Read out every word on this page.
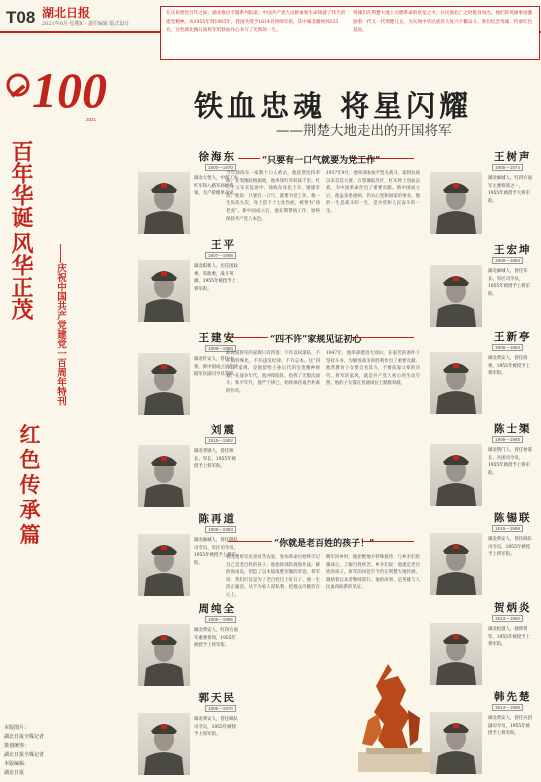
T08 湖北日报
2021年6月·星期X · 责任编辑 版式设计
在庆祝建党百年之际，湖北推出专题系列报道。中国共产党人以鲜血和生命铸就了伟大的建党精神。从1955年到1965年，我国共授予1614名将帅军衔，其中湖北籍将帅233名。这些湖北籍开国将军用铁血丹心书写了光辉的一生。
英雄们在荆楚大地上点燃革命的星星之火，在民族危亡之时挺身而出。他们的英雄事迹激励着一代又一代荆楚儿女，为实现中华民族伟大复兴不懈奋斗。我们纪念英雄，传承红色基因。
100
1921	2021
百年华诞
风华正茂	——庆祝中国共产党建党一百周年特刊
红色传承篇
铁血忠魂 将星闪耀
——荆楚大地走出的开国将军
徐海东
1900—1970
湖北大悟人，中国工农红军和八路军高级将领，无产阶级革命家。
王平
1907—1998
湖北阳新人，历任团政委、军政委，战斗英雄，1955年被授予上将军衔。
王建安
1908—1980
湖北红安人，曾任中将，新中国成立后任沈阳军区副司令员等职。
刘震
1915—1992
湖北孝感人，曾任师长、军长，1955年被授予上将军衔。
陈再道
1909—1993
湖北麻城人，曾任纵队司令员、军区司令员，1955年被授予上将军衔。
周纯全
1905—1985
湖北黄安人，红四方面军重要将领，1955年被授予上将军衔。
郭天民
1905—1970
湖北黄安人，曾任纵队司令员，1955年被授予上将军衔。
王树声
1905—1974
湖北麻城人，红四方面军主要将领之一，1955年被授予大将军衔。
王宏坤
1909—1993
湖北麻城人，曾任军长、军区司令员，1955年被授予上将军衔。
王新亭
1908—1984
湖北黄安人，曾任政委，1955年被授予上将军衔。
陈士榘
1909—1995
湖北荆门人，曾任参谋长、兵团司令员，1955年被授予上将军衔。
陈锡联
1915—1999
湖北黄安人，曾任纵队司令员，1955年被授予上将军衔。
贺炳炎
1913—1960
湖北松滋人，独臂将军，1955年被授予上将军衔。
韩先楚
1913—1986
湖北黄安人，曾任兵团副司令员，1955年被授予上将军衔。
“只要有一口气就要为党工作”
当年徐海东一家数十口人被杀，他依然坚持革命。在鄂豫皖根据地，他率领红军转战千里。红二十五军长征途中，徐海东身先士卒，屡建奇功。他说：只要有一口气，就要为党工作。他一生负伤九次，身上留下十七处伤疤，被誉为“徐老虎”。新中国成立后，他长期带病工作，始终保持共产党人本色。
1937年9月，他率部参加平型关战斗，取得抗战以来首次大捷。在鄂豫皖苏区，红军将士浴血奋战，为中国革命作出了重要贡献。新中国成立后，他虽身患重病，仍关心党和国家的事业。他的一生是战斗的一生，是为党和人民奋斗的一生。
“四不许”家规见证初心
陈再道将军的家规只有四条：不许以权谋私、不许搞特殊化、不许违反纪律、不许忘本。这“四不许”家规，是他留给子孙后代的宝贵精神财富。在战争年代，他冲锋陷阵，指挥了无数次战斗；和平年代，他严于律己，始终保持艰苦朴素的作风。
1947年，他率部挺进大别山，在艰苦的条件下坚持斗争，为解放战争的胜利作出了重要贡献。他常教育子女要自食其力，不要依靠父辈的功劳。将军的家风，就是共产党人初心的生动写照。他的子女都在普通岗位上默默奉献。
“你就是老百姓的孩子！”
韩先楚将军出身贫苦农家，参加革命后始终牢记自己是老百姓的孩子。他指挥部队渡海作战，解放海南岛，创造了以木船战胜军舰的奇迹。将军说：我们打仗是为了老百姓过上好日子。他一生清正廉洁，从不为家人谋私利，把群众冷暖挂在心上。
晚年回乡时，他拒绝地方特殊接待，与乡亲们促膝谈心，了解百姓疾苦。乡亲们说：他就是老百姓的孩子。将军的风范至今仍在荆楚大地传颂，激励着后来者继续前行。他的故事，是英雄与人民血肉联系的见证。
本版图片：
湖北日报全媒记者
策划统筹：
湖北日报全媒记者
本版编辑：
湖北日报
